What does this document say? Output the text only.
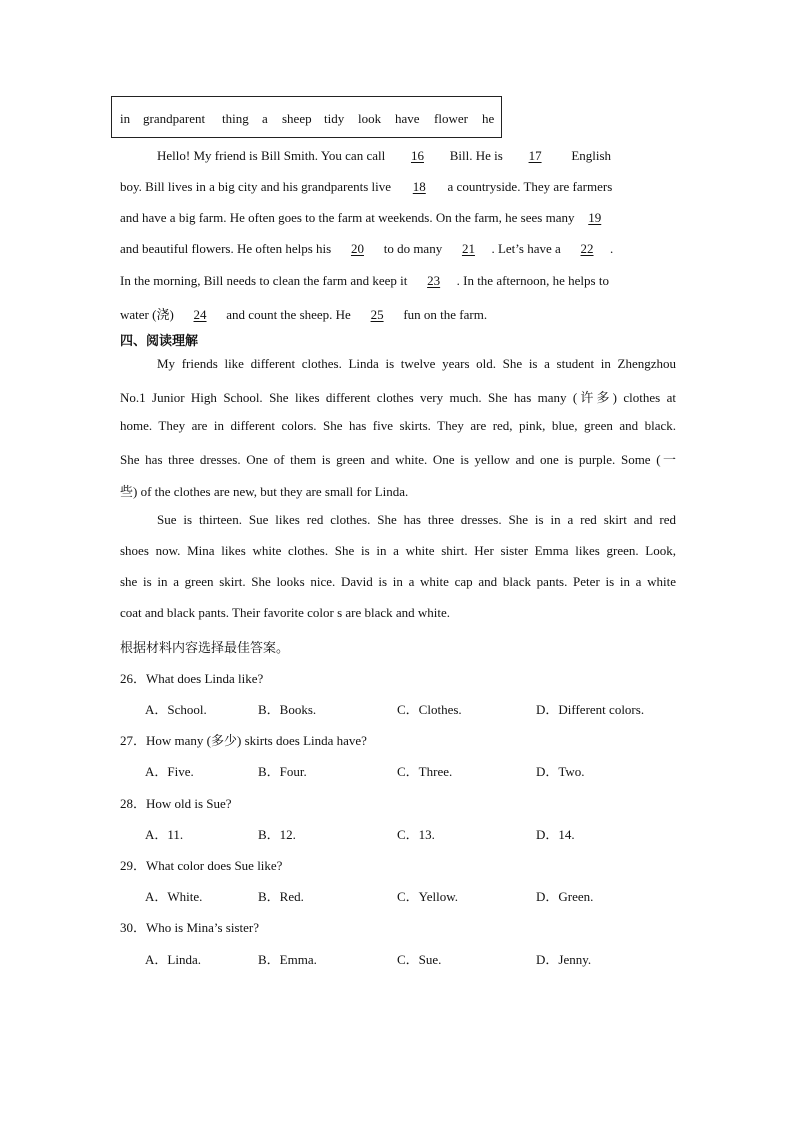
in grandparent thing a sheep tidy look have flower he
Hello! My friend is Bill Smith. You can call 16 Bill. He is 17 English
boy. Bill lives in a big city and his grandparents live 18 a countryside. They are farmers
and have a big farm. He often goes to the farm at weekends. On the farm, he sees many 19
and beautiful flowers. He often helps his 20 to do many 21 . Let’s have a 22 .
In the morning, Bill needs to clean the farm and keep it 23 . In the afternoon, he helps to
water (浇) 24 and count the sheep. He 25 fun on the farm.
四、阅读理解
My friends like different clothes. Linda is twelve years old. She is a student in Zhengzhou
No.1 Junior High School. She likes different clothes very much. She has many (许多) clothes at
home. They are in different colors. She has five skirts. They are red, pink, blue, green and black.
She has three dresses. One of them is green and white. One is yellow and one is purple. Some (一
些) of the clothes are new, but they are small for Linda.
Sue is thirteen. Sue likes red clothes. She has three dresses. She is in a red skirt and red
shoes now. Mina likes white clothes. She is in a white shirt. Her sister Emma likes green. Look,
she is in a green skirt. She looks nice. David is in a white cap and black pants. Peter is in a white
coat and black pants. Their favorite color s are black and white.
根据材料内容选择最佳答案。
26．What does Linda like?
A．School.	B．Books.	C．Clothes.	D．Different colors.
27．How many (多少) skirts does Linda have?
A．Five.	B．Four.	C．Three.	D．Two.
28．How old is Sue?
A．11.	B．12.	C．13.	D．14.
29．What color does Sue like?
A．White.	B．Red.	C．Yellow.	D．Green.
30．Who is Mina’s sister?
A．Linda.	B．Emma.	C．Sue.	D．Jenny.
